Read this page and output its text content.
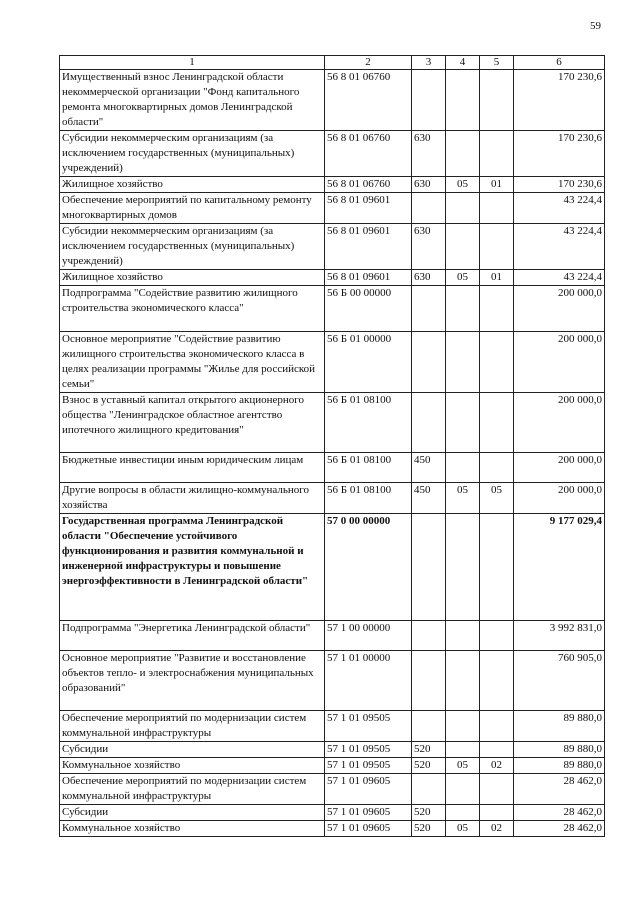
59
1	2	3	4	5	6
Имущественный взнос Ленинградской области некоммерческой организации "Фонд капитального ремонта многоквартирных домов Ленинградской области"	56 8 01 06760				170 230,6
Субсидии некоммерческим организациям (за исключением государственных (муниципальных) учреждений)	56 8 01 06760	630			170 230,6
Жилищное хозяйство	56 8 01 06760	630	05	01	170 230,6
Обеспечение мероприятий по капитальному ремонту многоквартирных домов	56 8 01 09601				43 224,4
Субсидии некоммерческим организациям (за исключением государственных (муниципальных) учреждений)	56 8 01 09601	630			43 224,4
Жилищное хозяйство	56 8 01 09601	630	05	01	43 224,4
Подпрограмма "Содействие развитию жилищного строительства экономического класса"	56 Б 00 00000				200 000,0
Основное мероприятие "Содействие развитию жилищного строительства экономического класса в целях реализации программы "Жилье для российской семьи"	56 Б 01 00000				200 000,0
Взнос в уставный капитал открытого акционерного общества "Ленинградское областное агентство ипотечного жилищного кредитования"	56 Б 01 08100				200 000,0
Бюджетные инвестиции иным юридическим лицам	56 Б 01 08100	450			200 000,0
Другие вопросы в области жилищно-коммунального хозяйства	56 Б 01 08100	450	05	05	200 000,0
Государственная программа Ленинградской области "Обеспечение устойчивого функционирования и развития коммунальной и инженерной инфраструктуры и повышение энергоэффективности в Ленинградской области"	57 0 00 00000				9 177 029,4
Подпрограмма "Энергетика Ленинградской области"	57 1 00 00000				3 992 831,0
Основное мероприятие "Развитие и восстановление объектов тепло- и электроснабжения муниципальных образований"	57 1 01 00000				760 905,0
Обеспечение мероприятий по модернизации систем коммунальной инфраструктуры	57 1 01 09505				89 880,0
Субсидии	57 1 01 09505	520			89 880,0
Коммунальное хозяйство	57 1 01 09505	520	05	02	89 880,0
Обеспечение мероприятий по модернизации систем коммунальной инфраструктуры	57 1 01 09605				28 462,0
Субсидии	57 1 01 09605	520			28 462,0
Коммунальное хозяйство	57 1 01 09605	520	05	02	28 462,0
